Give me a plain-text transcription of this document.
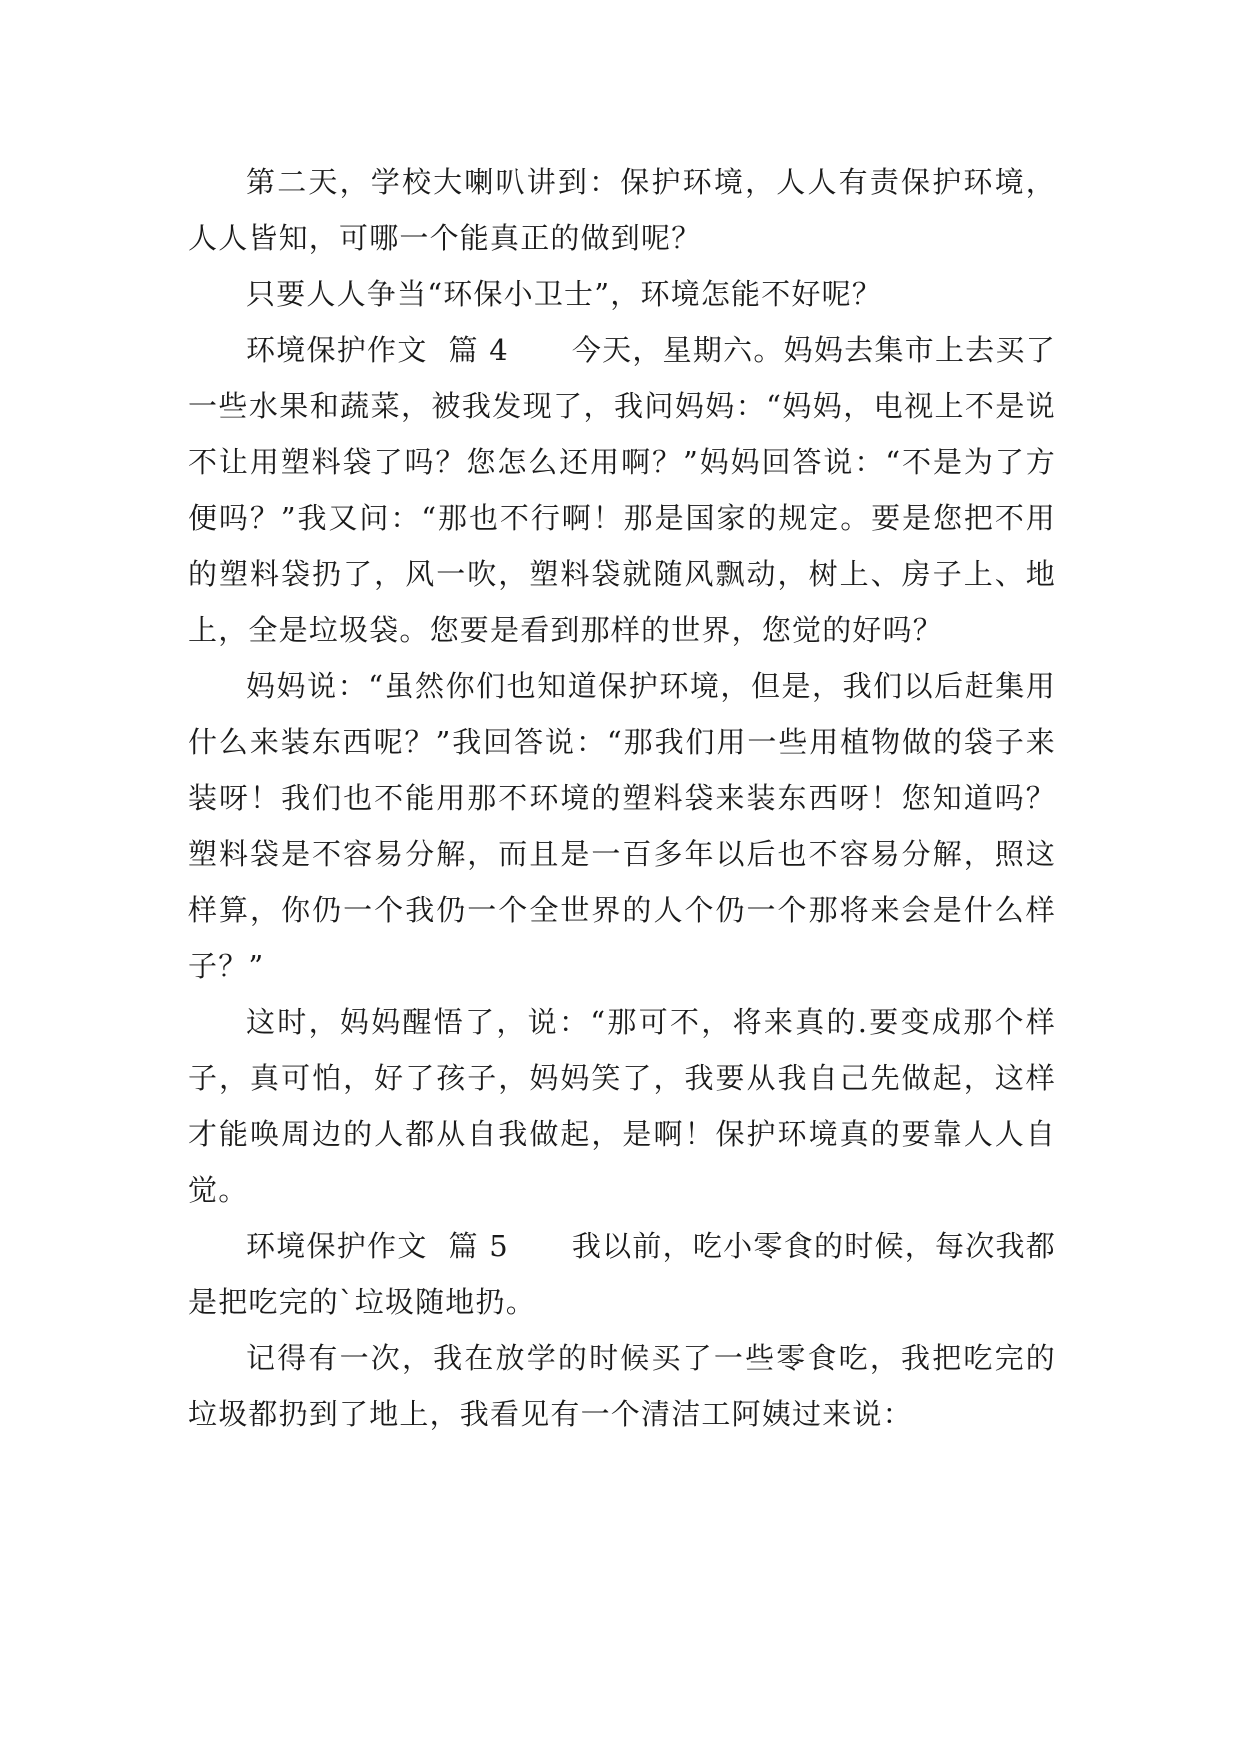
第二天，学校大喇叭讲到：保护环境，人人有责保护环境，人人皆知，可哪一个能真正的做到呢？

只要人人争当“环保小卫士”，环境怎能不好呢？

环境保护作文  篇 4      今天，星期六。妈妈去集市上去买了一些水果和蔬菜，被我发现了，我问妈妈：“妈妈，电视上不是说不让用塑料袋了吗？您怎么还用啊？”妈妈回答说：“不是为了方便吗？”我又问：“那也不行啊！那是国家的规定。要是您把不用的塑料袋扔了，风一吹，塑料袋就随风飘动，树上、房子上、地上，全是垃圾袋。您要是看到那样的世界，您觉的好吗？

妈妈说：“虽然你们也知道保护环境，但是，我们以后赶集用什么来装东西呢？”我回答说：“那我们用一些用植物做的袋子来装呀！我们也不能用那不环境的塑料袋来装东西呀！您知道吗？塑料袋是不容易分解，而且是一百多年以后也不容易分解，照这样算，你仍一个我仍一个全世界的人个仍一个那将来会是什么样子？”

这时，妈妈醒悟了，说：“那可不，将来真的.要变成那个样子，真可怕，好了孩子，妈妈笑了，我要从我自己先做起，这样才能唤周边的人都从自我做起，是啊！保护环境真的要靠人人自觉。

环境保护作文  篇 5      我以前，吃小零食的时候，每次我都是把吃完的`垃圾随地扔。

记得有一次，我在放学的时候买了一些零食吃，我把吃完的垃圾都扔到了地上，我看见有一个清洁工阿姨过来说：
